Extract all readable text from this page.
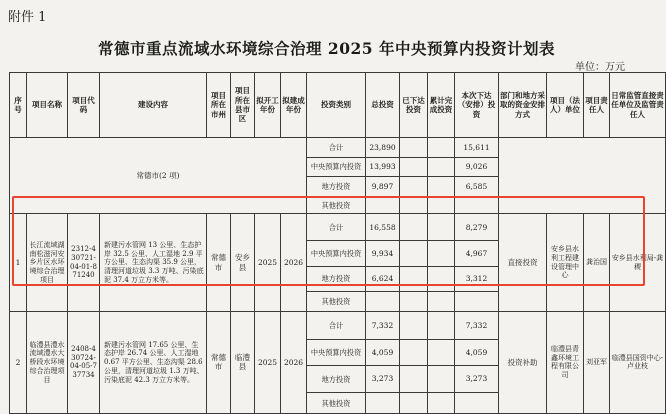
附件 1
常德市重点流域水环境综合治理 2025 年中央预算内投资计划表
单位：万元
序号	项目名称	项目代码	建设内容	项目所在市州	项目所在县市区	拟开工年份	拟建成年份	投资类别	总投资	已下达投资	累计完成投资	本次下达（安排）投资	部门和地方采取的资金安排方式	项目（法人）单位	项目责任人	日常监管直接责任单位及监管责任人
常德市(2 项)								合计	23,890			15,611				
								中央预算内投资	13,993			9,026				
								地方投资	9,897			6,585				
								其他投资								
1	长江流域湖南松滋河安乡片区水环境综合治理项目	2312-430721-04-01-871240	新建污水管网 13 公里、生态护岸 32.5 公里、人工湿地 2.9 平方公里、生态沟渠 35.9 公里，清理河道垃圾 3.3 万吨、污染底泥 37.4 万立方米等。	常德市	安乡县	2025	2026	合计	16,558			8,279	直接投资	安乡县水利工程建设管理中心	龚治国	安乡县水利局-龚稷
								中央预算内投资	9,934			4,967				
								地方投资	6,624			3,312				
								其他投资								
2	临澧县澧水流域澧水大桥段水环境综合治理项目	2408-430724-04-05-737734	新建污水管网 17.65 公里、生态护岸 26.74 公里、人工湿地 0.67 平方公里、生态沟渠 28.6 公里，清理河道垃圾 1.3 万吨、污染底泥 42.3 万立方米等。	常德市	临澧县	2025	2026	合计	7,332			7,332	投资补助	临澧县青鑫环境工程有限公司	刘亚军	临澧县国资中心-卢业枝
								中央预算内投资	4,059			4,059				
								地方投资	3,273			3,273				
								其他投资								
